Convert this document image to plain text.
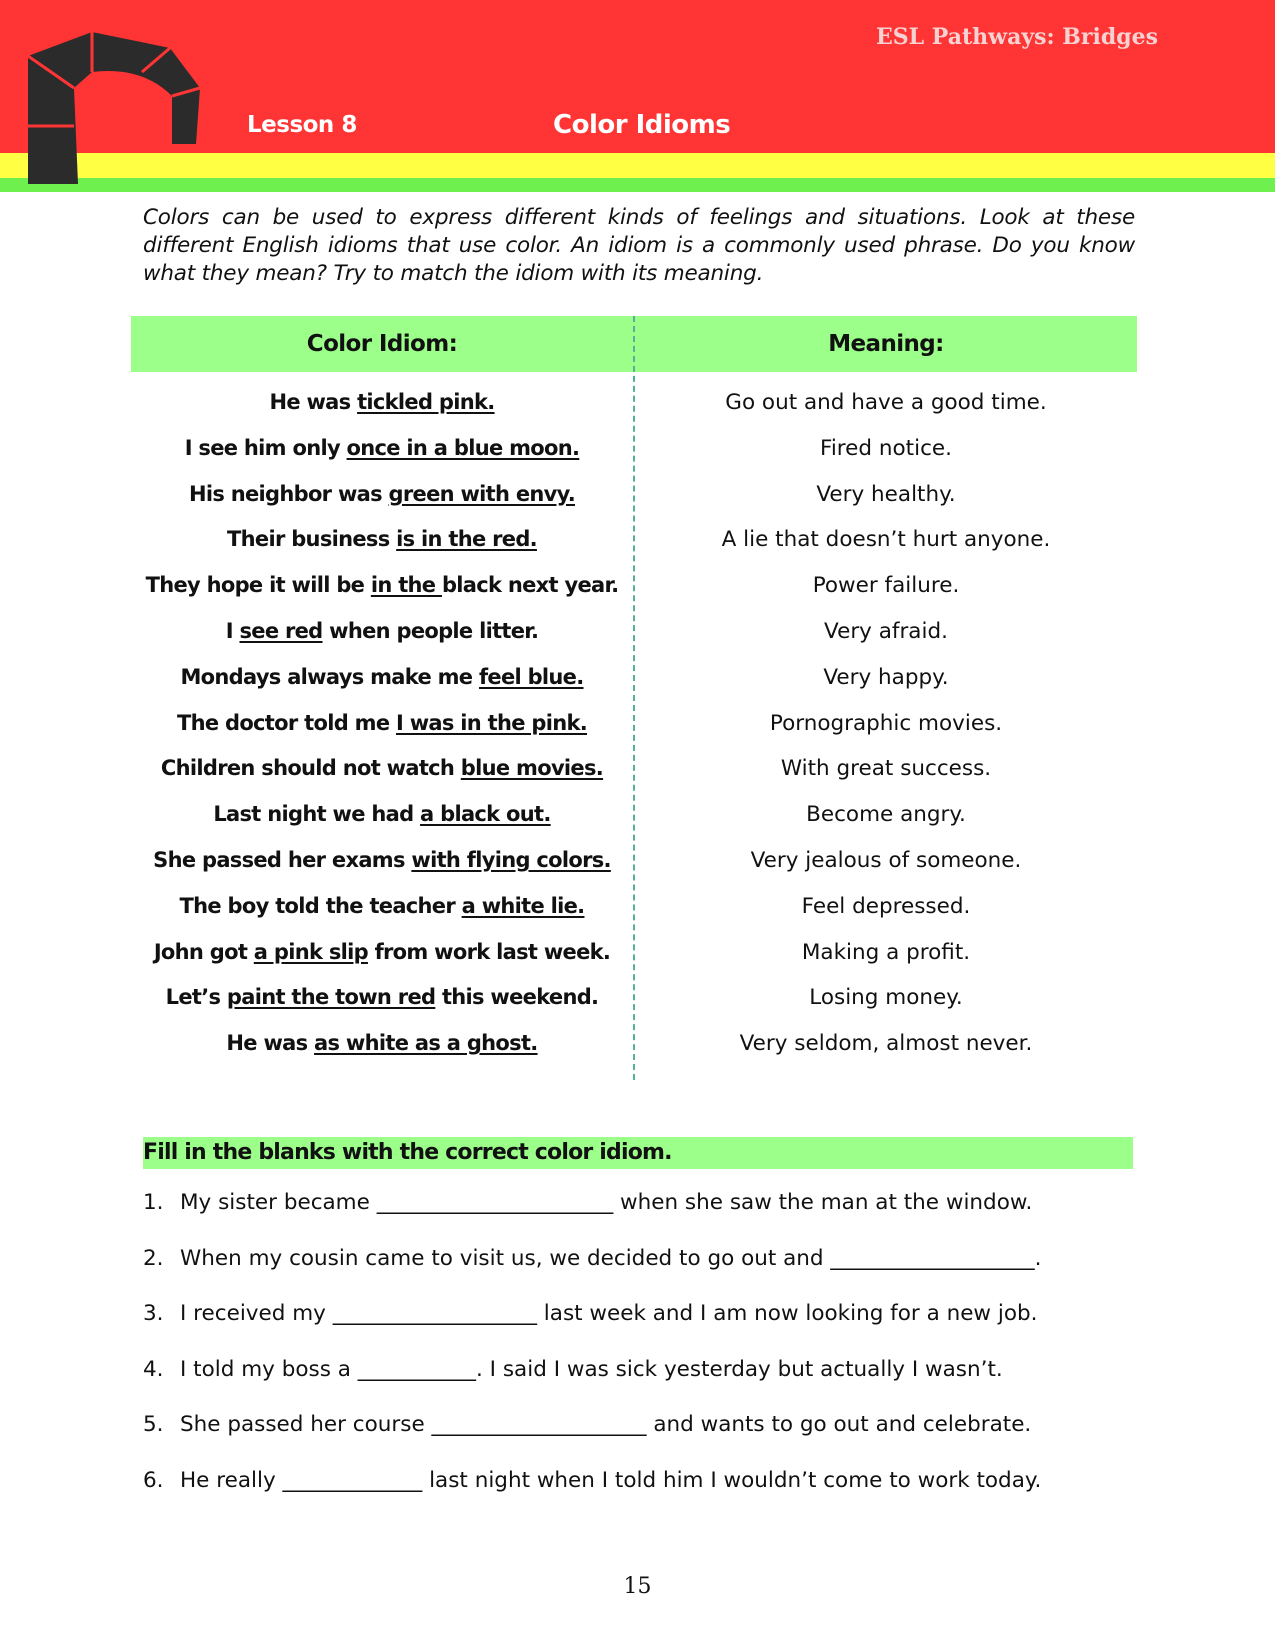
ESL Pathways: Bridges
Lesson 8	Color Idioms
Colors can be used to express different kinds of feelings and situations. Look at these different English idioms that use color. An idiom is a commonly used phrase. Do you know what they mean? Try to match the idiom with its meaning.
Color Idiom:	Meaning:
He was tickled pink.	Go out and have a good time.
I see him only once in a blue moon.	Fired notice.
His neighbor was green with envy.	Very healthy.
Their business is in the red.	A lie that doesn’t hurt anyone.
They hope it will be in the black next year.	Power failure.
I see red when people litter.	Very afraid.
Mondays always make me feel blue.	Very happy.
The doctor told me I was in the pink.	Pornographic movies.
Children should not watch blue movies.	With great success.
Last night we had a black out.	Become angry.
She passed her exams with flying colors.	Very jealous of someone.
The boy told the teacher a white lie.	Feel depressed.
John got a pink slip from work last week.	Making a profit.
Let’s paint the town red this weekend.	Losing money.
He was as white as a ghost.	Very seldom, almost never.
Fill in the blanks with the correct color idiom.
1. My sister became ______________________ when she saw the man at the window.
2. When my cousin came to visit us, we decided to go out and ___________________.
3. I received my ___________________ last week and I am now looking for a new job.
4. I told my boss a ___________. I said I was sick yesterday but actually I wasn’t.
5. She passed her course ____________________ and wants to go out and celebrate.
6. He really _____________ last night when I told him I wouldn’t come to work today.
15
